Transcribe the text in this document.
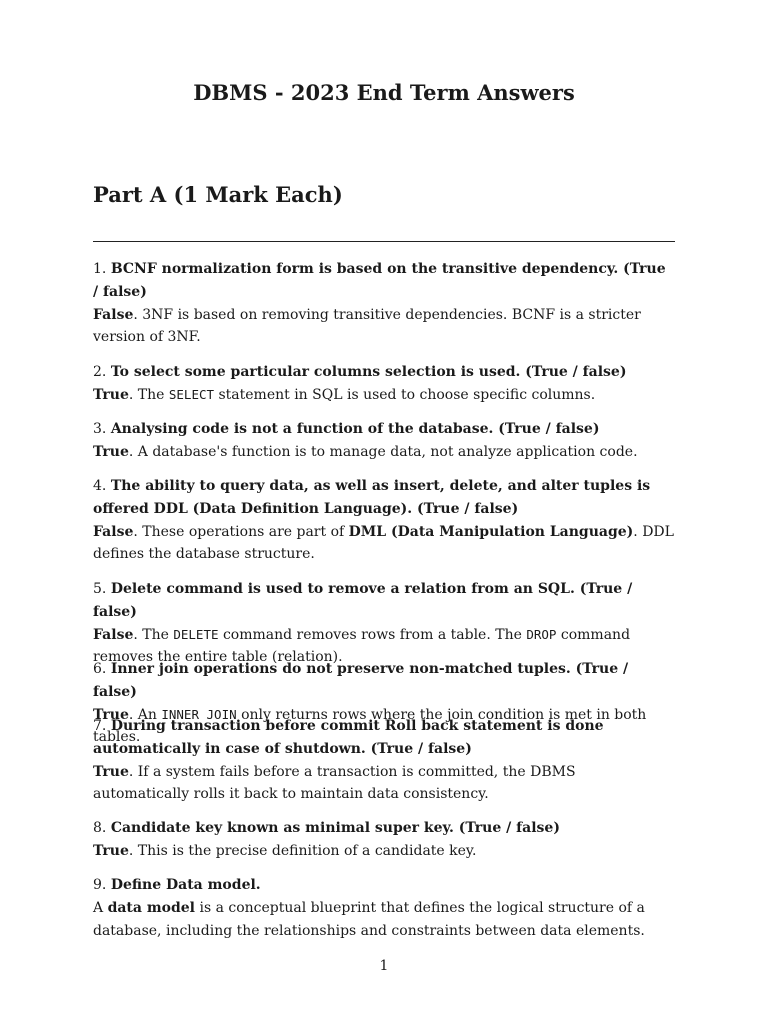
DBMS - 2023 End Term Answers
Part A (1 Mark Each)

1. BCNF normalization form is based on the transitive dependency. (True / false)

False. 3NF is based on removing transitive dependencies. BCNF is a stricter version of 3NF.

2. To select some particular columns selection is used. (True / false)

True. The SELECT statement in SQL is used to choose specific columns.

3. Analysing code is not a function of the database. (True / false)

True. A database's function is to manage data, not analyze application code.

4. The ability to query data, as well as insert, delete, and alter tuples is offered DDL (Data Definition Language). (True / false)

False. These operations are part of DML (Data Manipulation Language). DDL defines the database structure.

5. Delete command is used to remove a relation from an SQL. (True / false)

False. The DELETE command removes rows from a table. The DROP command removes the entire table (relation).

6. Inner join operations do not preserve non-matched tuples. (True / false)

True. An INNER JOIN only returns rows where the join condition is met in both tables.

7. During transaction before commit Roll back statement is done automatically in case of shutdown. (True / false)

True. If a system fails before a transaction is committed, the DBMS automatically rolls it back to maintain data consistency.

8. Candidate key known as minimal super key. (True / false)

True. This is the precise definition of a candidate key.

9. Define Data model.

A data model is a conceptual blueprint that defines the logical structure of a database, including the relationships and constraints between data elements.

1
